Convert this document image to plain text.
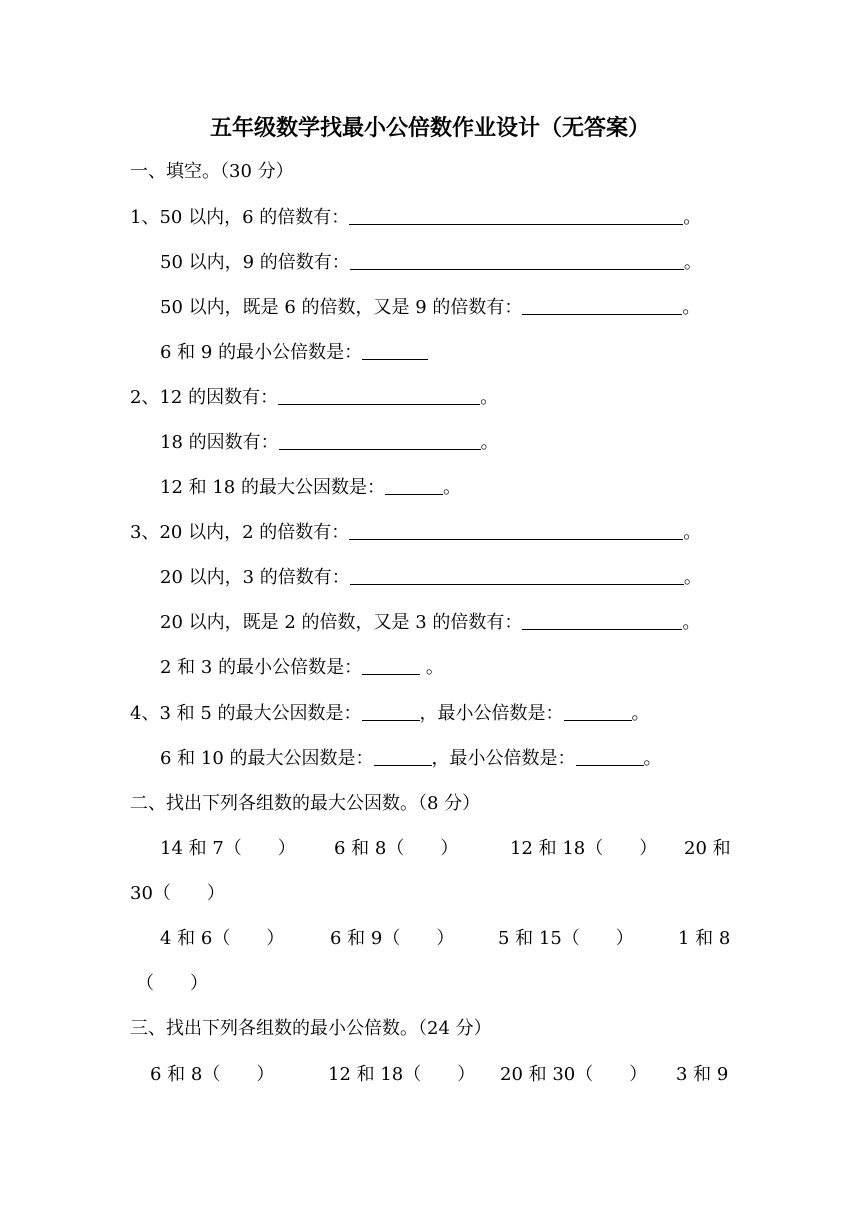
五年级数学找最小公倍数作业设计（无答案）
一、填空。（30 分）
1、50 以内，6 的倍数有：	。
50 以内，9 的倍数有：	。
50 以内，既是 6 的倍数，又是 9 的倍数有：	。
6 和 9 的最小公倍数是：
2、12 的因数有：	。
18 的因数有：	。
12 和 18 的最大公因数是：	。
3、20 以内，2 的倍数有：	。
20 以内，3 的倍数有：	。
20 以内，既是 2 的倍数，又是 3 的倍数有：	。
2 和 3 的最小公倍数是：	。
4、3 和 5 的最大公因数是：	，最小公倍数是：	。
6 和 10 的最大公因数是：	，最小公倍数是：	。
二、找出下列各组数的最大公因数。（8 分）
14 和 7（　　） 6 和 8（　　）	12 和 18（　　） 20 和
30（　　）
4 和 6（　　）	6 和 9（　　） 5 和 15（　　） 1 和 8
（　　）
三、找出下列各组数的最小公倍数。（24 分）
6 和 8（　　）	12 和 18（　　） 20 和 30（　　） 3 和 9
